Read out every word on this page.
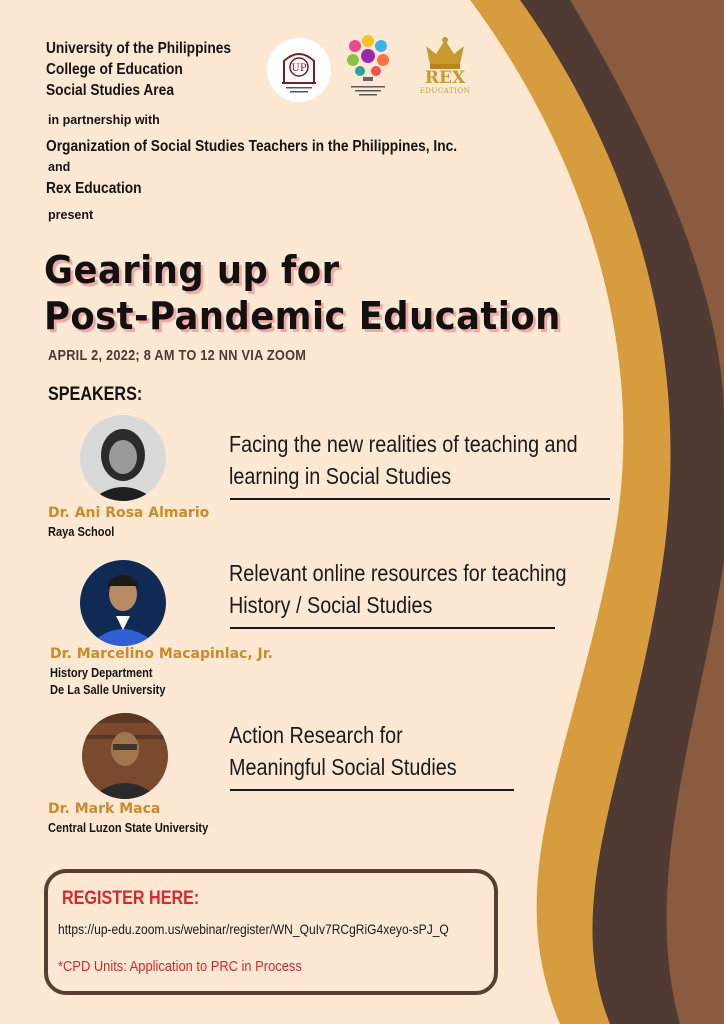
University of the Philippines

College of Education

Social Studies Area

in partnership with

Organization of Social Studies Teachers in the Philippines, Inc.

and

Rex Education

present

UP	REX
EDUCATION
Gearing up for
Post-Pandemic Education

APRIL 2, 2022; 8 AM TO 12 NN VIA ZOOM

SPEAKERS:

Dr. Ani Rosa Almario

Raya School

Facing the new realities of teaching and

learning in Social Studies

Dr. Marcelino Macapinlac, Jr.

History Department

De La Salle University

Relevant online resources for teaching

History / Social Studies

Dr. Mark Maca

Central Luzon State University

Action Research for

Meaningful Social Studies

REGISTER HERE:

https://up-edu.zoom.us/webinar/register/WN_QuIv7RCgRiG4xeyo-sPJ_Q

*CPD Units: Application to PRC in Process
